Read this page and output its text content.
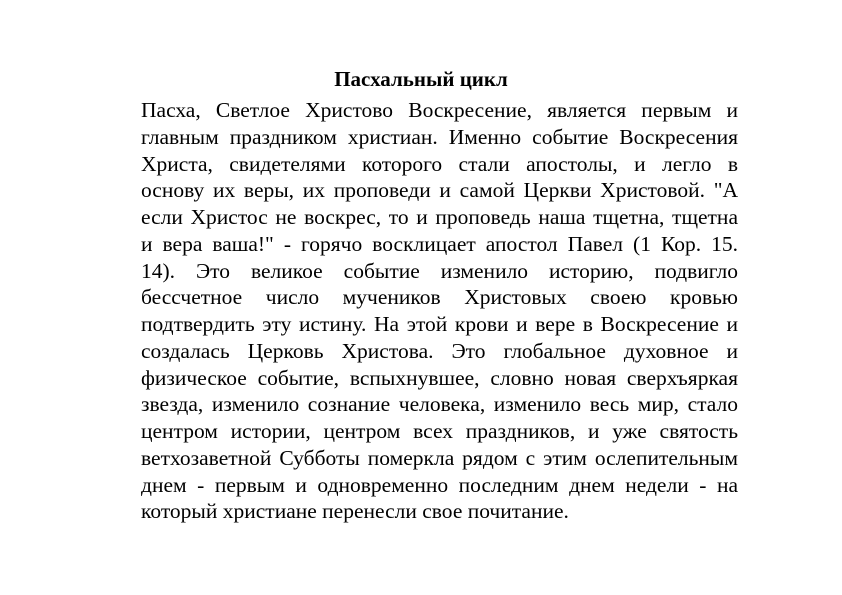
Пасхальный цикл
Пасха, Светлое Христово Воскресение, является первым и
главным праздником христиан. Именно событие Воскресения
Христа, свидетелями которого стали апостолы, и легло в
основу их веры, их проповеди и самой Церкви Христовой. "А
если Христос не воскрес, то и проповедь наша тщетна, тщетна
и вера ваша!" - горячо восклицает апостол Павел (1 Кор. 15.
14). Это великое событие изменило историю, подвигло
бессчетное число мучеников Христовых своею кровью
подтвердить эту истину. На этой крови и вере в Воскресение и
создалась Церковь Христова. Это глобальное духовное и
физическое событие, вспыхнувшее, словно новая сверхъяркая
звезда, изменило сознание человека, изменило весь мир, стало
центром истории, центром всех праздников, и уже святость
ветхозаветной Субботы померкла рядом с этим ослепительным
днем - первым и одновременно последним днем недели - на
который христиане перенесли свое почитание.
